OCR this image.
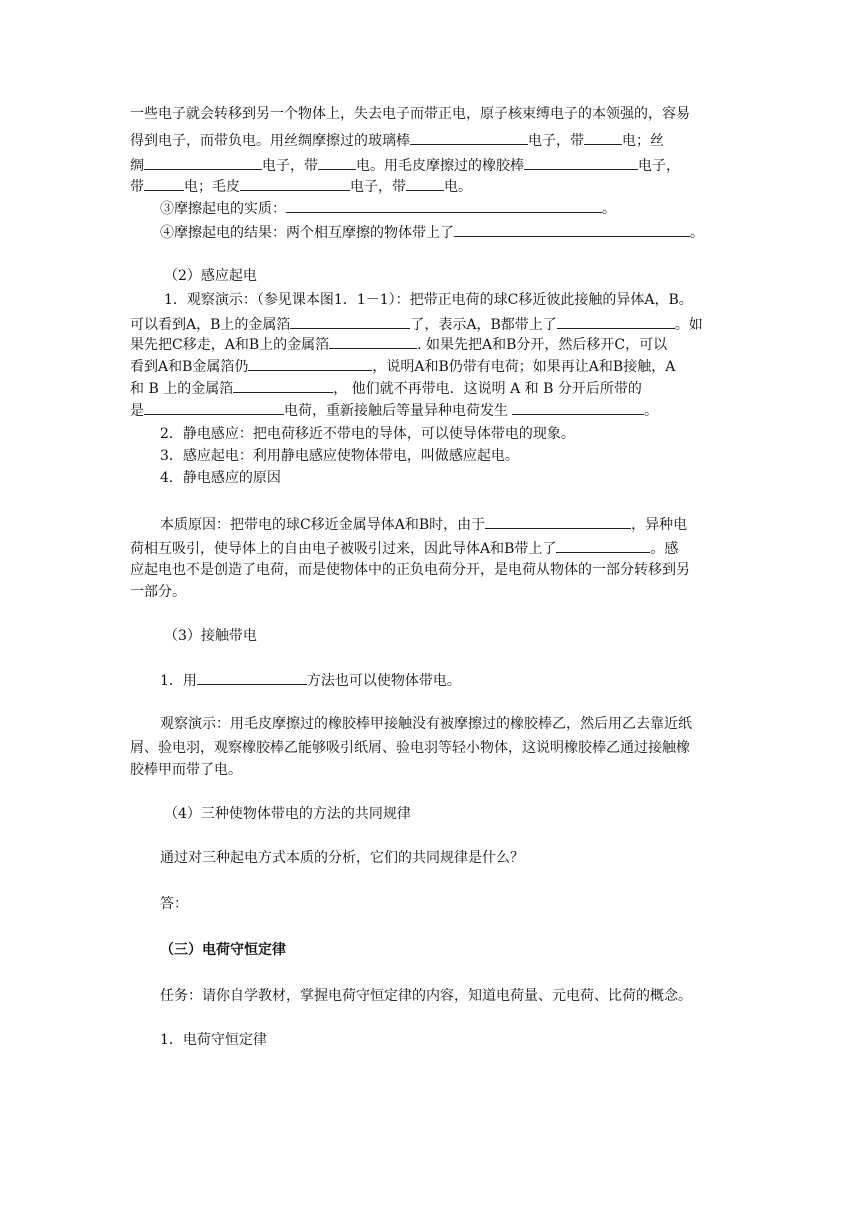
一些电子就会转移到另一个物体上，失去电子而带正电，原子核束缚电子的本领强的，容易
得到电子，而带负电。用丝绸摩擦过的玻璃棒	电子，带	电；丝
绸	电子，带	电。用毛皮摩擦过的橡胶棒	电子，
带	电；毛皮	电子，带	电。
③摩擦起电的实质：	。
④摩擦起电的结果：两个相互摩擦的物体带上了	。
（2）感应起电
1．观察演示：（参见课本图1．1－1）：把带正电荷的球C移近彼此接触的异体A，B。
可以看到A，B上的金属箔	了，表示A，B都带上了	。如
果先把C移走，A和B上的金属箔	. 如果先把A和B分开，然后移开C，可以
看到A和B金属箔仍	，说明A和B仍带有电荷；如果再让A和B接触，A
和 B 上的金属箔	， 他们就不再带电．这说明 A 和 B 分开后所带的
是	电荷，重新接触后等量异种电荷发生	。
2．静电感应：把电荷移近不带电的导体，可以使导体带电的现象。
3．感应起电：利用静电感应使物体带电，叫做感应起电。
4．静电感应的原因
本质原因：把带电的球C移近金属导体A和B时，由于	，异种电
荷相互吸引，使导体上的自由电子被吸引过来，因此导体A和B带上了	。感
应起电也不是创造了电荷，而是使物体中的正负电荷分开，是电荷从物体的一部分转移到另
一部分。
（3）接触带电
1．用	方法也可以使物体带电。
观察演示：用毛皮摩擦过的橡胶棒甲接触没有被摩擦过的橡胶棒乙，然后用乙去靠近纸
屑、验电羽，观察橡胶棒乙能够吸引纸屑、验电羽等轻小物体，这说明橡胶棒乙通过接触橡
胶棒甲而带了电。
（4）三种使物体带电的方法的共同规律
通过对三种起电方式本质的分析，它们的共同规律是什么？
答：
（三）电荷守恒定律
任务：请你自学教材，掌握电荷守恒定律的内容，知道电荷量、元电荷、比荷的概念。
1．电荷守恒定律
